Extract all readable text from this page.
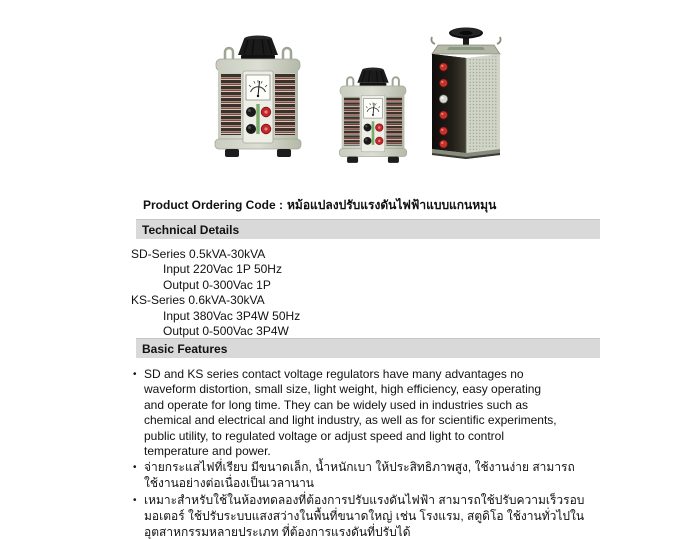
Product Ordering Code : หม้อแปลงปรับแรงดันไฟฟ้าแบบแกนหมุน
Technical Details
SD-Series 0.5kVA-30kVA
Input 220Vac 1P 50Hz
Output 0-300Vac 1P
KS-Series 0.6kVA-30kVA
Input 380Vac 3P4W 50Hz
Output 0-500Vac 3P4W
Basic Features
• SD and KS series contact voltage regulators have many advantages no
waveform distortion, small size, light weight, high efficiency, easy operating
and operate for long time. They can be widely used in industries such as
chemical and electrical and light industry, as well as for scientific experiments,
public utility, to regulated voltage or adjust speed and light to control
temperature and power.
• จ่ายกระแสไฟที่เรียบ มีขนาดเล็ก, น้ำหนักเบา ให้ประสิทธิภาพสูง, ใช้งานง่าย สามารถ
ใช้งานอย่างต่อเนื่องเป็นเวลานาน
• เหมาะสำหรับใช้ในห้องทดลองที่ต้องการปรับแรงดันไฟฟ้า สามารถใช้ปรับความเร็วรอบ
มอเตอร์ ใช้ปรับระบบแสงสว่างในพื้นที่ขนาดใหญ่ เช่น โรงแรม, สตูดิโอ ใช้งานทั่วไปใน
อุตสาหกรรมหลายประเภท ที่ต้องการแรงดันที่ปรับได้
